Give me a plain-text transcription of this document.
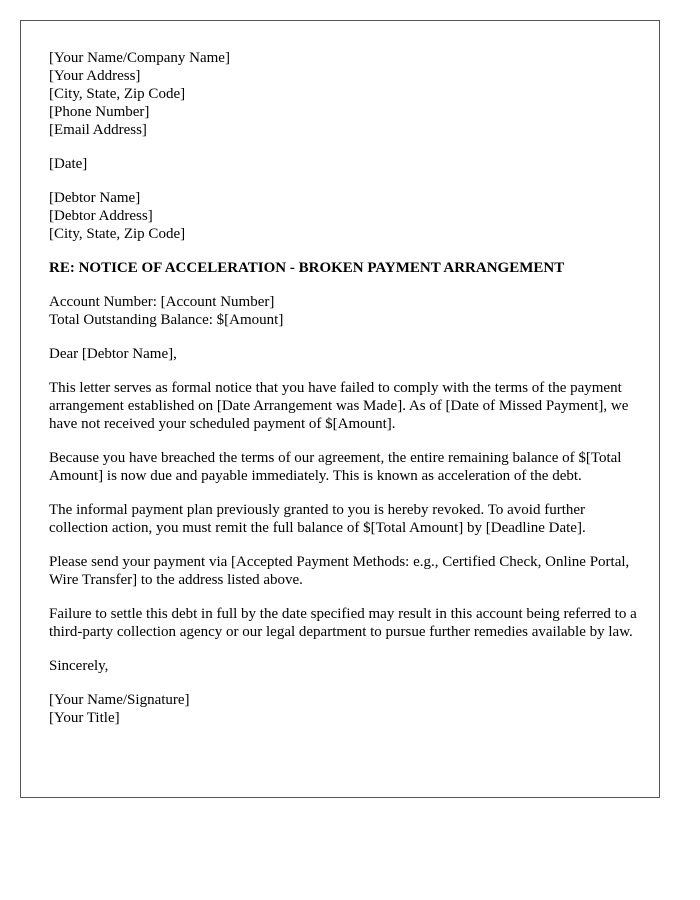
[Your Name/Company Name]
[Your Address]
[City, State, Zip Code]
[Phone Number]
[Email Address]
[Date]
[Debtor Name]
[Debtor Address]
[City, State, Zip Code]
RE: NOTICE OF ACCELERATION - BROKEN PAYMENT ARRANGEMENT
Account Number: [Account Number]
Total Outstanding Balance: $[Amount]
Dear [Debtor Name],
This letter serves as formal notice that you have failed to comply with the terms of the payment arrangement established on [Date Arrangement was Made]. As of [Date of Missed Payment], we have not received your scheduled payment of $[Amount].
Because you have breached the terms of our agreement, the entire remaining balance of $[Total Amount] is now due and payable immediately. This is known as acceleration of the debt.
The informal payment plan previously granted to you is hereby revoked. To avoid further collection action, you must remit the full balance of $[Total Amount] by [Deadline Date].
Please send your payment via [Accepted Payment Methods: e.g., Certified Check, Online Portal, Wire Transfer] to the address listed above.
Failure to settle this debt in full by the date specified may result in this account being referred to a third-party collection agency or our legal department to pursue further remedies available by law.
Sincerely,
[Your Name/Signature]
[Your Title]
